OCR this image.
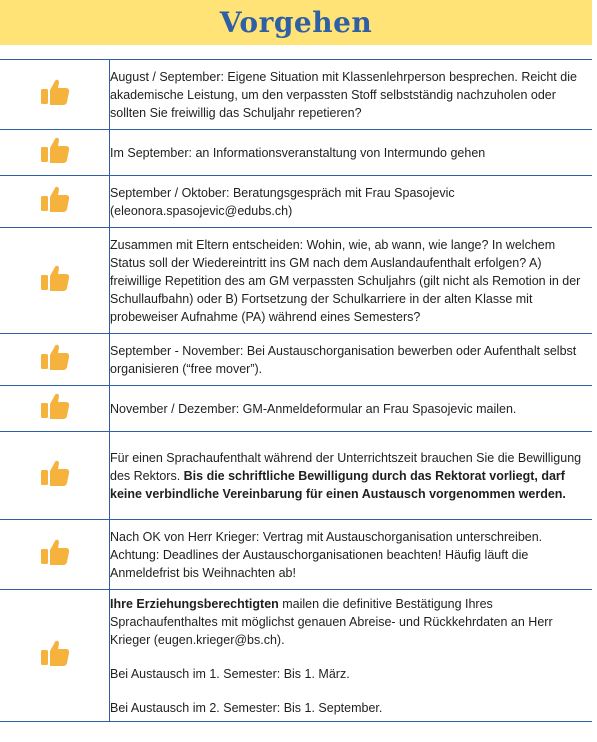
Vorgehen

August / September: Eigene Situation mit Klassenlehrperson besprechen. Reicht die akademische Leistung, um den verpassten Stoff selbstständig nachzuholen oder sollten Sie freiwillig das Schuljahr repetieren?

Im September: an Informationsveranstaltung von Intermundo gehen

September / Oktober: Beratungsgespräch mit Frau Spasojevic (eleonora.spasojevic@edubs.ch)

Zusammen mit Eltern entscheiden: Wohin, wie, ab wann, wie lange? In welchem Status soll der Wiedereintritt ins GM nach dem Auslandaufenthalt erfolgen? A) freiwillige Repetition des am GM verpassten Schuljahrs (gilt nicht als Remotion in der Schullaufbahn) oder B) Fortsetzung der Schulkarriere in der alten Klasse mit probeweiser Aufnahme (PA) während eines Semesters?

September - November: Bei Austauschorganisation bewerben oder Aufenthalt selbst organisieren (“free mover”).

November / Dezember: GM-Anmeldeformular an Frau Spasojevic mailen.

Für einen Sprachaufenthalt während der Unterrichtszeit brauchen Sie die Bewilligung des Rektors. Bis die schriftliche Bewilligung durch das Rektorat vorliegt, darf keine verbindliche Vereinbarung für einen Austausch vorgenommen werden.

Nach OK von Herr Krieger: Vertrag mit Austauschorganisation unterschreiben. Achtung: Deadlines der Austauschorganisationen beachten! Häufig läuft die Anmeldefrist bis Weihnachten ab!

Ihre Erziehungsberechtigten mailen die definitive Bestätigung Ihres Sprachaufenthaltes mit möglichst genauen Abreise- und Rückkehrdaten an Herr Krieger (eugen.krieger@bs.ch).

Bei Austausch im 1. Semester: Bis 1. März.

Bei Austausch im 2. Semester: Bis 1. September.
